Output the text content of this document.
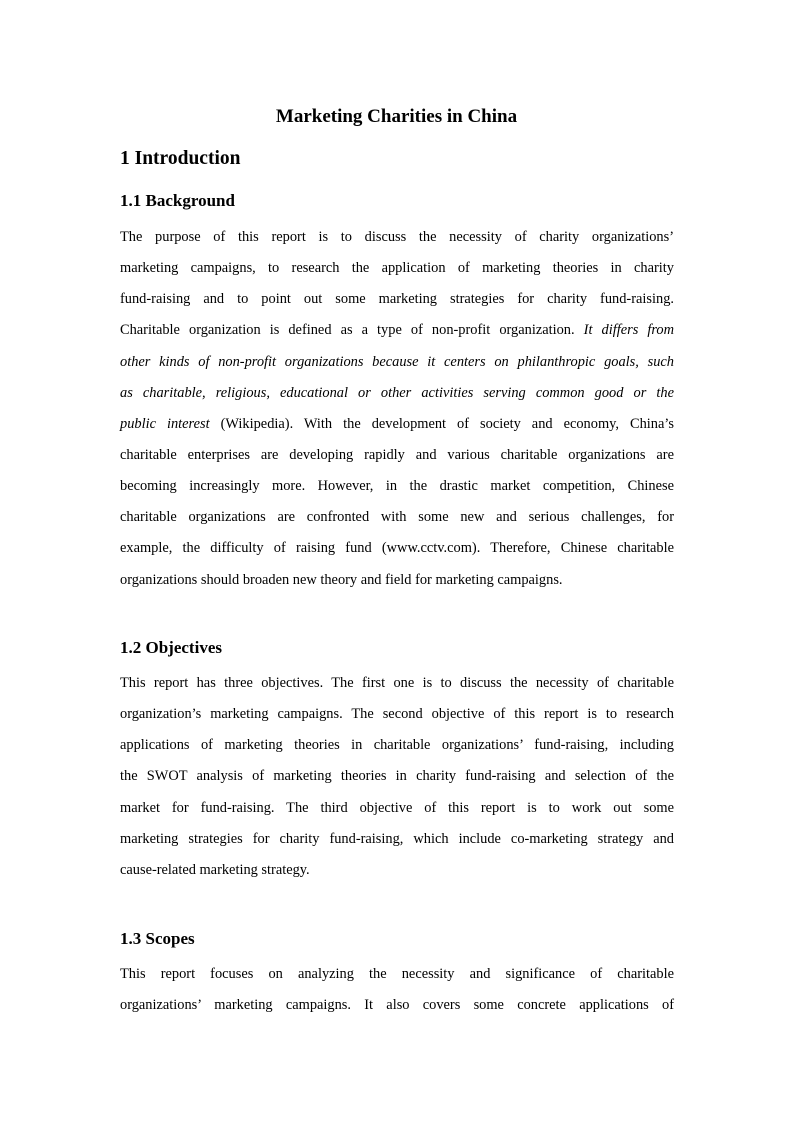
Marketing Charities in China
1 Introduction
1.1 Background
The purpose of this report is to discuss the necessity of charity organizations’
marketing campaigns, to research the application of marketing theories in charity
fund-raising and to point out some marketing strategies for charity fund-raising.
Charitable organization is defined as a type of non-profit organization. It differs from
other kinds of non-profit organizations because it centers on philanthropic goals, such
as charitable, religious, educational or other activities serving common good or the
public interest (Wikipedia). With the development of society and economy, China’s
charitable enterprises are developing rapidly and various charitable organizations are
becoming increasingly more. However, in the drastic market competition, Chinese
charitable organizations are confronted with some new and serious challenges, for
example, the difficulty of raising fund (www.cctv.com). Therefore, Chinese charitable
organizations should broaden new theory and field for marketing campaigns.
1.2 Objectives
This report has three objectives. The first one is to discuss the necessity of charitable
organization’s marketing campaigns. The second objective of this report is to research
applications of marketing theories in charitable organizations’ fund-raising, including
the SWOT analysis of marketing theories in charity fund-raising and selection of the
market for fund-raising. The third objective of this report is to work out some
marketing strategies for charity fund-raising, which include co-marketing strategy and
cause-related marketing strategy.
1.3 Scopes
This report focuses on analyzing the necessity and significance of charitable
organizations’ marketing campaigns. It also covers some concrete applications of
